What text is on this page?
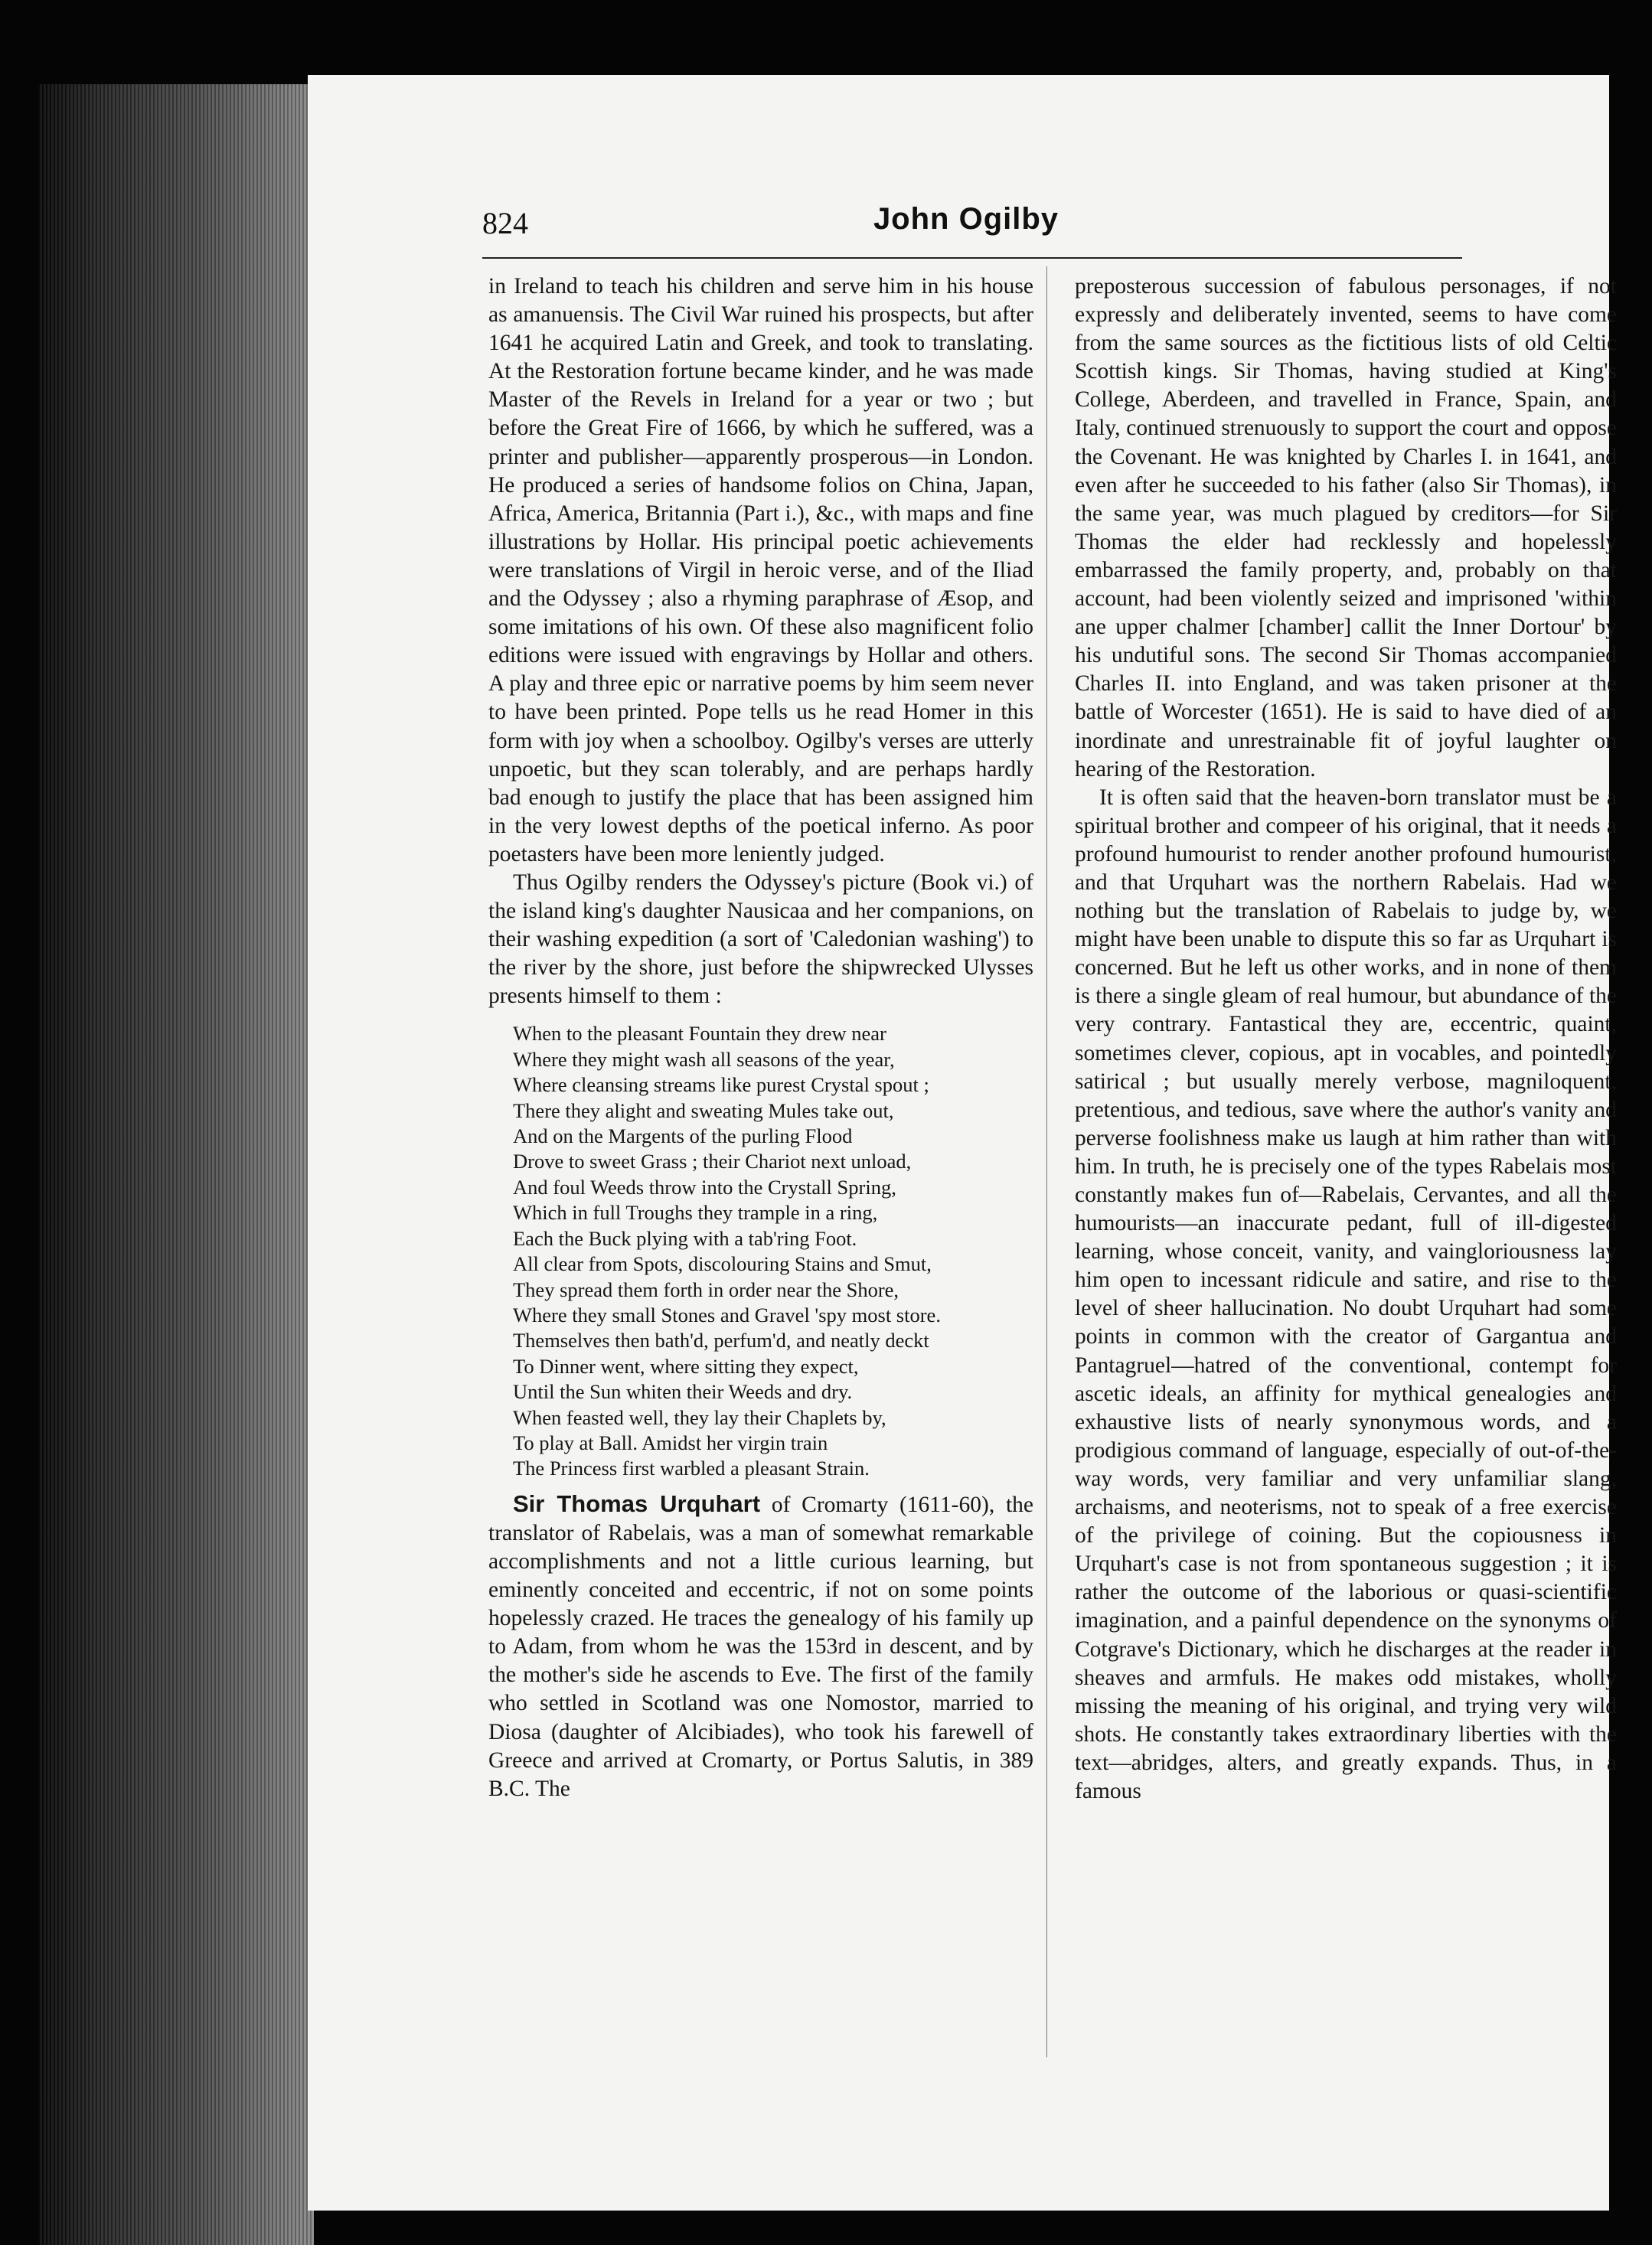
824	John Ogilby

in Ireland to teach his children and serve him in his house as amanuensis. The Civil War ruined his prospects, but after 1641 he acquired Latin and Greek, and took to translating. At the Restoration fortune became kinder, and he was made Master of the Revels in Ireland for a year or two ; but before the Great Fire of 1666, by which he suffered, was a printer and publisher—apparently prosperous—in London. He produced a series of handsome folios on China, Japan, Africa, America, Britannia (Part i.), &c., with maps and fine illustrations by Hollar. His principal poetic achievements were translations of Virgil in heroic verse, and of the Iliad and the Odyssey ; also a rhyming paraphrase of Æsop, and some imitations of his own. Of these also magnificent folio editions were issued with engravings by Hollar and others. A play and three epic or narrative poems by him seem never to have been printed. Pope tells us he read Homer in this form with joy when a schoolboy. Ogilby's verses are utterly unpoetic, but they scan tolerably, and are perhaps hardly bad enough to justify the place that has been assigned him in the very lowest depths of the poetical inferno. As poor poetasters have been more leniently judged.

Thus Ogilby renders the Odyssey's picture (Book vi.) of the island king's daughter Nausicaa and her companions, on their washing expedition (a sort of 'Caledonian washing') to the river by the shore, just before the shipwrecked Ulysses presents himself to them :

When to the pleasant Fountain they drew near
Where they might wash all seasons of the year,
Where cleansing streams like purest Crystal spout ;
There they alight and sweating Mules take out,
And on the Margents of the purling Flood
Drove to sweet Grass ; their Chariot next unload,
And foul Weeds throw into the Crystall Spring,
Which in full Troughs they trample in a ring,
Each the Buck plying with a tab'ring Foot.
All clear from Spots, discolouring Stains and Smut,
They spread them forth in order near the Shore,
Where they small Stones and Gravel 'spy most store.
Themselves then bath'd, perfum'd, and neatly deckt
To Dinner went, where sitting they expect,
Until the Sun whiten their Weeds and dry.
When feasted well, they lay their Chaplets by,
To play at Ball. Amidst her virgin train
The Princess first warbled a pleasant Strain.

Sir Thomas Urquhart of Cromarty (1611-60), the translator of Rabelais, was a man of somewhat remarkable accomplishments and not a little curious learning, but eminently conceited and eccentric, if not on some points hopelessly crazed. He traces the genealogy of his family up to Adam, from whom he was the 153rd in descent, and by the mother's side he ascends to Eve. The first of the family who settled in Scotland was one Nomostor, married to Diosa (daughter of Alcibiades), who took his farewell of Greece and arrived at Cromarty, or Portus Salutis, in 389 B.C. The

preposterous succession of fabulous personages, if not expressly and deliberately invented, seems to have come from the same sources as the fictitious lists of old Celtic Scottish kings. Sir Thomas, having studied at King's College, Aberdeen, and travelled in France, Spain, and Italy, continued strenuously to support the court and oppose the Covenant. He was knighted by Charles I. in 1641, and even after he succeeded to his father (also Sir Thomas), in the same year, was much plagued by creditors—for Sir Thomas the elder had recklessly and hopelessly embarrassed the family property, and, probably on that account, had been violently seized and imprisoned 'within ane upper chalmer [chamber] callit the Inner Dortour' by his undutiful sons. The second Sir Thomas accompanied Charles II. into England, and was taken prisoner at the battle of Worcester (1651). He is said to have died of an inordinate and unrestrainable fit of joyful laughter on hearing of the Restoration.

It is often said that the heaven-born translator must be a spiritual brother and compeer of his original, that it needs a profound humourist to render another profound humourist, and that Urquhart was the northern Rabelais. Had we nothing but the translation of Rabelais to judge by, we might have been unable to dispute this so far as Urquhart is concerned. But he left us other works, and in none of them is there a single gleam of real humour, but abundance of the very contrary. Fantastical they are, eccentric, quaint, sometimes clever, copious, apt in vocables, and pointedly satirical ; but usually merely verbose, magniloquent, pretentious, and tedious, save where the author's vanity and perverse foolishness make us laugh at him rather than with him. In truth, he is precisely one of the types Rabelais most constantly makes fun of—Rabelais, Cervantes, and all the humourists—an inaccurate pedant, full of ill-digested learning, whose conceit, vanity, and vaingloriousness lay him open to incessant ridicule and satire, and rise to the level of sheer hallucination. No doubt Urquhart had some points in common with the creator of Gargantua and Pantagruel—hatred of the conventional, contempt for ascetic ideals, an affinity for mythical genealogies and exhaustive lists of nearly synonymous words, and a prodigious command of language, especially of out-of-the-way words, very familiar and very unfamiliar slang, archaisms, and neoterisms, not to speak of a free exercise of the privilege of coining. But the copiousness in Urquhart's case is not from spontaneous suggestion ; it is rather the outcome of the laborious or quasi-scientific imagination, and a painful dependence on the synonyms of Cotgrave's Dictionary, which he discharges at the reader in sheaves and armfuls. He makes odd mistakes, wholly missing the meaning of his original, and trying very wild shots. He constantly takes extraordinary liberties with the text—abridges, alters, and greatly expands. Thus, in a famous
